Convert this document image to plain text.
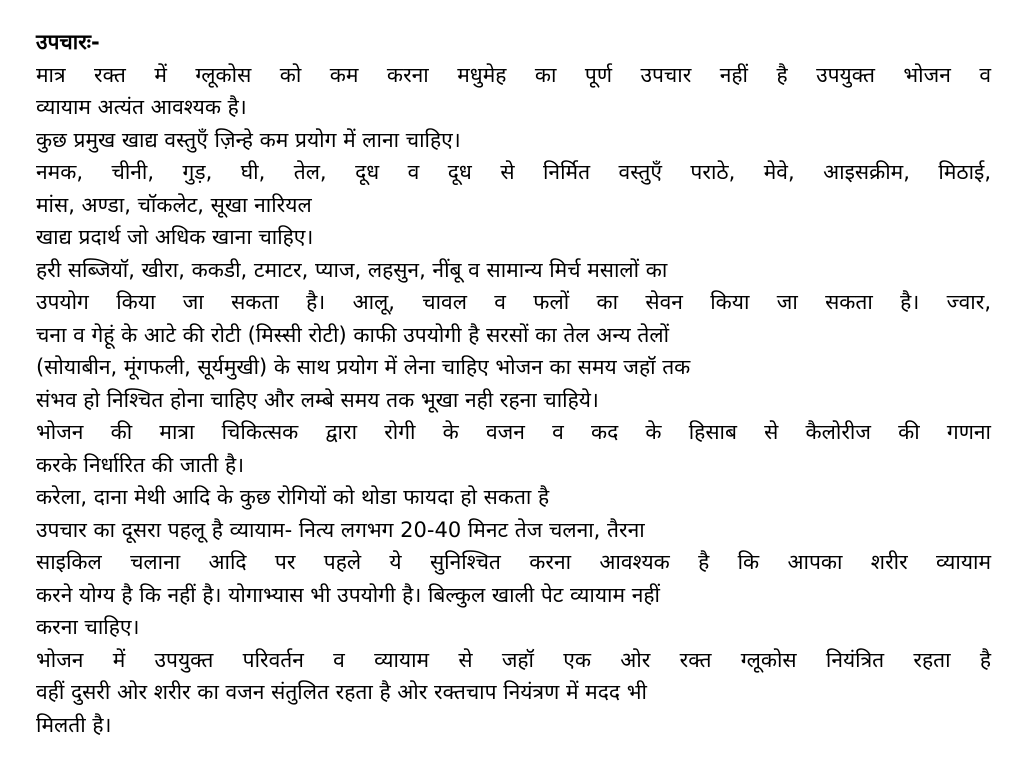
उपचारः-
मात्र रक्त में ग्लूकोस को कम करना मधुमेह का पूर्ण उपचार नहीं है उपयुक्त भोजन व
व्यायाम अत्यंत आवश्यक है।
कुछ प्रमुख खाद्य वस्तुएँ ज़िन्हे कम प्रयोग में लाना चाहिए।
नमक, चीनी, गुड़, घी, तेल, दूध व दूध से निर्मित वस्तुएँ पराठे, मेवे, आइसक्रीम, मिठाई,
मांस, अण्डा, चॉकलेट, सूखा नारियल
खाद्य प्रदार्थ जो अधिक खाना चाहिए।
हरी सब्जियॉ, खीरा, ककडी, टमाटर, प्याज, लहसुन, नींबू व सामान्य मिर्च मसालों का
उपयोग किया जा सकता है। आलू, चावल व फलों का सेवन किया जा सकता है। ज्वार,
चना व गेहूं के आटे की रोटी (मिस्सी रोटी) काफी उपयोगी है सरसों का तेल अन्य तेलों
(सोयाबीन, मूंगफली, सूर्यमुखी) के साथ प्रयोग में लेना चाहिए भोजन का समय जहॉ तक
संभव हो निश्चित होना चाहिए और लम्बे समय तक भूखा नही रहना चाहिये।
भोजन की मात्रा चिकित्सक द्वारा रोगी के वजन व कद के हिसाब से कैलोरीज की गणना
करके निर्धारित की जाती है।
करेला, दाना मेथी आदि के कुछ रोगियों को थोडा फायदा हो सकता है
उपचार का दूसरा पहलू है व्यायाम- नित्य लगभग 20-40 मिनट तेज चलना, तैरना
साइकिल चलाना आदि पर पहले ये सुनिश्चित करना आवश्यक है कि आपका शरीर व्यायाम
करने योग्य है कि नहीं है। योगाभ्यास भी उपयोगी है। बिल्कुल खाली पेट व्यायाम नहीं
करना चाहिए।
भोजन में उपयुक्त परिवर्तन व व्यायाम से जहॉ एक ओर रक्त ग्लूकोस नियंत्रित रहता है
वहीं दुसरी ओर शरीर का वजन संतुलित रहता है ओर रक्तचाप नियंत्रण में मदद भी
मिलती है।
